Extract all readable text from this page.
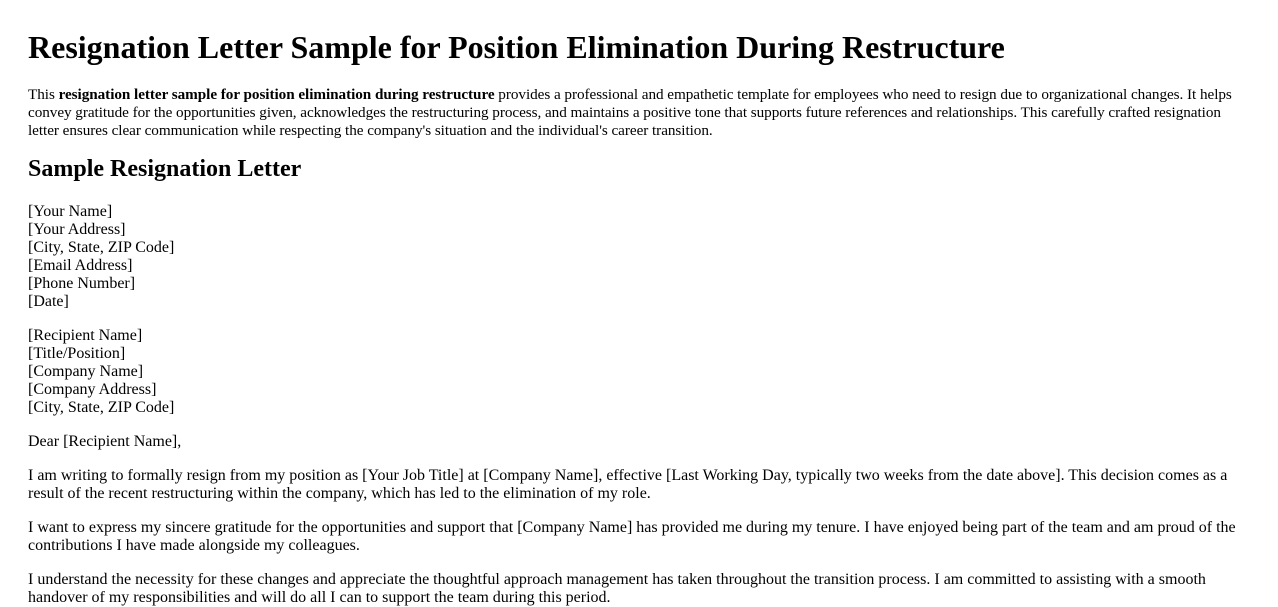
Resignation Letter Sample for Position Elimination During Restructure

This resignation letter sample for position elimination during restructure provides a professional and empathetic template for employees who need to resign due to organizational changes. It helps convey gratitude for the opportunities given, acknowledges the restructuring process, and maintains a positive tone that supports future references and relationships. This carefully crafted resignation letter ensures clear communication while respecting the company's situation and the individual's career transition.

Sample Resignation Letter
[Your Name]
[Your Address]
[City, State, ZIP Code]
[Email Address]
[Phone Number]
[Date]
[Recipient Name]
[Title/Position]
[Company Name]
[Company Address]
[City, State, ZIP Code]

Dear [Recipient Name],

I am writing to formally resign from my position as [Your Job Title] at [Company Name], effective [Last Working Day, typically two weeks from the date above]. This decision comes as a result of the recent restructuring within the company, which has led to the elimination of my role.

I want to express my sincere gratitude for the opportunities and support that [Company Name] has provided me during my tenure. I have enjoyed being part of the team and am proud of the contributions I have made alongside my colleagues.

I understand the necessity for these changes and appreciate the thoughtful approach management has taken throughout the transition process. I am committed to assisting with a smooth handover of my responsibilities and will do all I can to support the team during this period.
